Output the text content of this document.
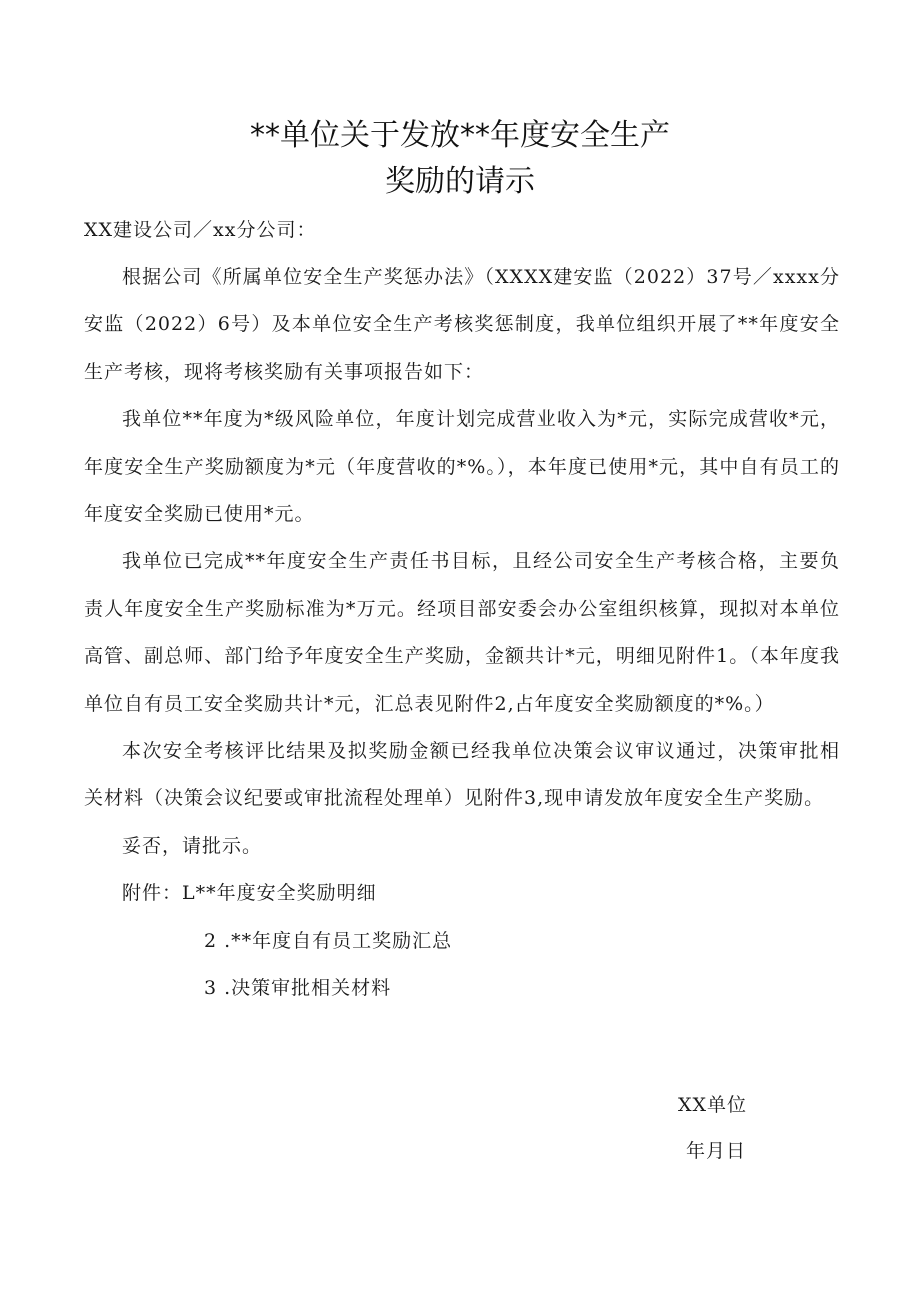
**单位关于发放**年度安全生产
奖励的请示
XX建设公司／xx分公司：

根据公司《所属单位安全生产奖惩办法》（XXXX建安监（2022）37号／xxxx分安监（2022）6号）及本单位安全生产考核奖惩制度，我单位组织开展了**年度安全生产考核，现将考核奖励有关事项报告如下：

我单位**年度为*级风险单位，年度计划完成营业收入为*元，实际完成营收*元，年度安全生产奖励额度为*元（年度营收的*%。），本年度已使用*元，其中自有员工的年度安全奖励已使用*元。

我单位已完成**年度安全生产责任书目标，且经公司安全生产考核合格，主要负责人年度安全生产奖励标准为*万元。经项目部安委会办公室组织核算，现拟对本单位高管、副总师、部门给予年度安全生产奖励，金额共计*元，明细见附件1。（本年度我单位自有员工安全奖励共计*元，汇总表见附件2,占年度安全奖励额度的*%。）

本次安全考核评比结果及拟奖励金额已经我单位决策会议审议通过，决策审批相关材料（决策会议纪要或审批流程处理单）见附件3,现申请发放年度安全生产奖励。

妥否，请批示。

附件：L**年度安全奖励明细

2 .**年度自有员工奖励汇总

3 .决策审批相关材料

XX单位
年月日
